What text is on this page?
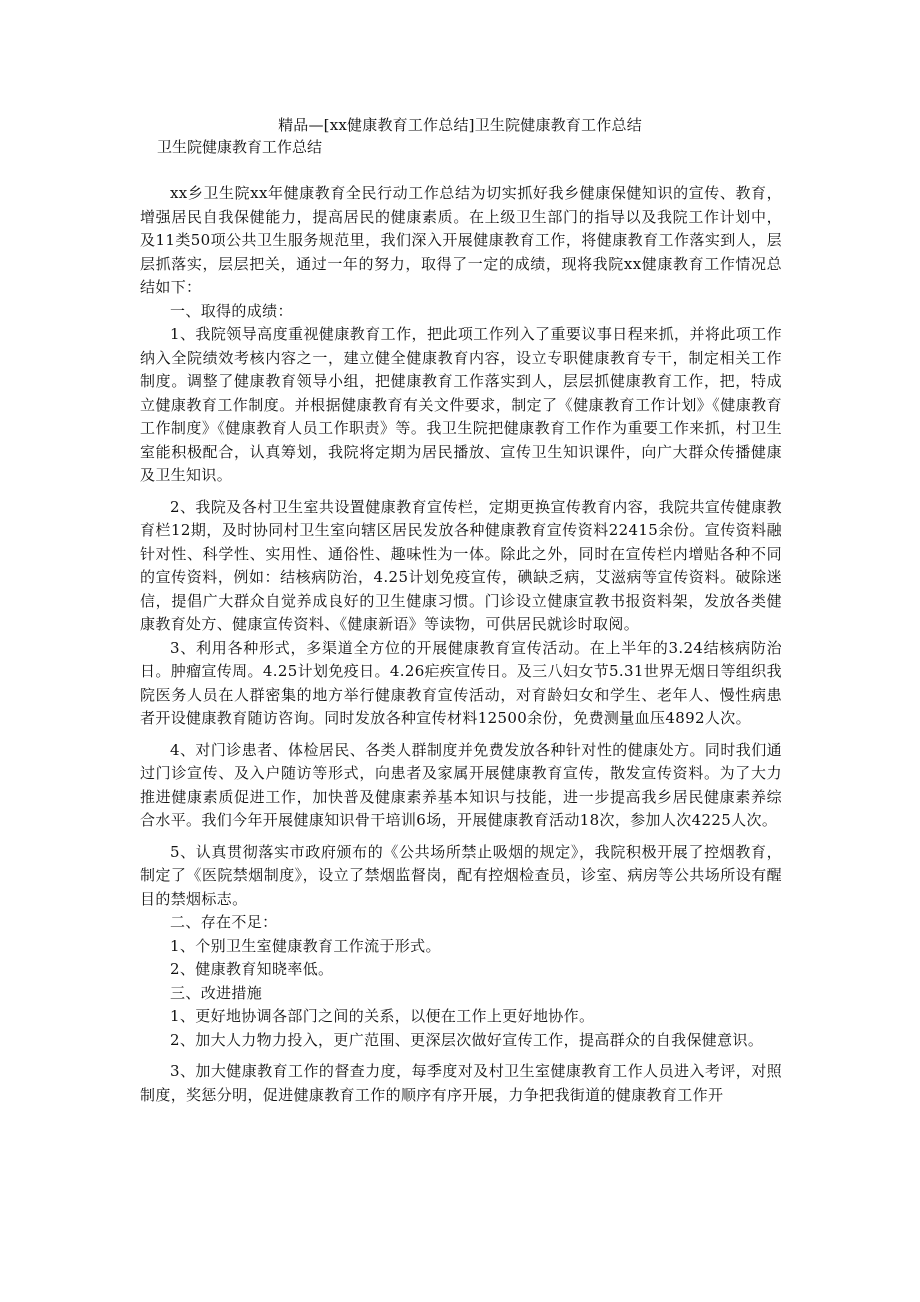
精品—[xx健康教育工作总结]卫生院健康教育工作总结
卫生院健康教育工作总结

xx乡卫生院xx年健康教育全民行动工作总结为切实抓好我乡健康保健知识的宣传、教育，增强居民自我保健能力，提高居民的健康素质。在上级卫生部门的指导以及我院工作计划中，及11类50项公共卫生服务规范里，我们深入开展健康教育工作，将健康教育工作落实到人，层层抓落实，层层把关，通过一年的努力，取得了一定的成绩，现将我院xx健康教育工作情况总结如下：

一、取得的成绩：

1、我院领导高度重视健康教育工作，把此项工作列入了重要议事日程来抓，并将此项工作纳入全院绩效考核内容之一，建立健全健康教育内容，设立专职健康教育专干，制定相关工作制度。调整了健康教育领导小组，把健康教育工作落实到人，层层抓健康教育工作，把，特成立健康教育工作制度。并根据健康教育有关文件要求，制定了《健康教育工作计划》《健康教育工作制度》《健康教育人员工作职责》等。我卫生院把健康教育工作作为重要工作来抓，村卫生室能积极配合，认真筹划，我院将定期为居民播放、宣传卫生知识课件，向广大群众传播健康及卫生知识。

2、我院及各村卫生室共设置健康教育宣传栏，定期更换宣传教育内容，我院共宣传健康教育栏12期，及时协同村卫生室向辖区居民发放各种健康教育宣传资料22415余份。宣传资料融针对性、科学性、实用性、通俗性、趣味性为一体。除此之外，同时在宣传栏内增贴各种不同的宣传资料，例如：结核病防治，4.25计划免疫宣传，碘缺乏病，艾滋病等宣传资料。破除迷信，提倡广大群众自觉养成良好的卫生健康习惯。门诊设立健康宣教书报资料架，发放各类健康教育处方、健康宣传资料、《健康新语》等读物，可供居民就诊时取阅。

3、利用各种形式，多渠道全方位的开展健康教育宣传活动。在上半年的3.24结核病防治日。肿瘤宣传周。4.25计划免疫日。4.26疟疾宣传日。及三八妇女节5.31世界无烟日等组织我院医务人员在人群密集的地方举行健康教育宣传活动，对育龄妇女和学生、老年人、慢性病患者开设健康教育随访咨询。同时发放各种宣传材料12500余份，免费测量血压4892人次。

4、对门诊患者、体检居民、各类人群制度并免费发放各种针对性的健康处方。同时我们通过门诊宣传、及入户随访等形式，向患者及家属开展健康教育宣传，散发宣传资料。为了大力推进健康素质促进工作，加快普及健康素养基本知识与技能，进一步提高我乡居民健康素养综合水平。我们今年开展健康知识骨干培训6场，开展健康教育活动18次，参加人次4225人次。

5、认真贯彻落实市政府颁布的《公共场所禁止吸烟的规定》，我院积极开展了控烟教育，制定了《医院禁烟制度》，设立了禁烟监督岗，配有控烟检查员，诊室、病房等公共场所设有醒目的禁烟标志。

二、存在不足：

1、个别卫生室健康教育工作流于形式。

2、健康教育知晓率低。

三、改进措施

1、更好地协调各部门之间的关系，以便在工作上更好地协作。

2、加大人力物力投入，更广范围、更深层次做好宣传工作，提高群众的自我保健意识。

3、加大健康教育工作的督查力度，每季度对及村卫生室健康教育工作人员进入考评，对照制度，奖惩分明，促进健康教育工作的顺序有序开展，力争把我街道的健康教育工作开
